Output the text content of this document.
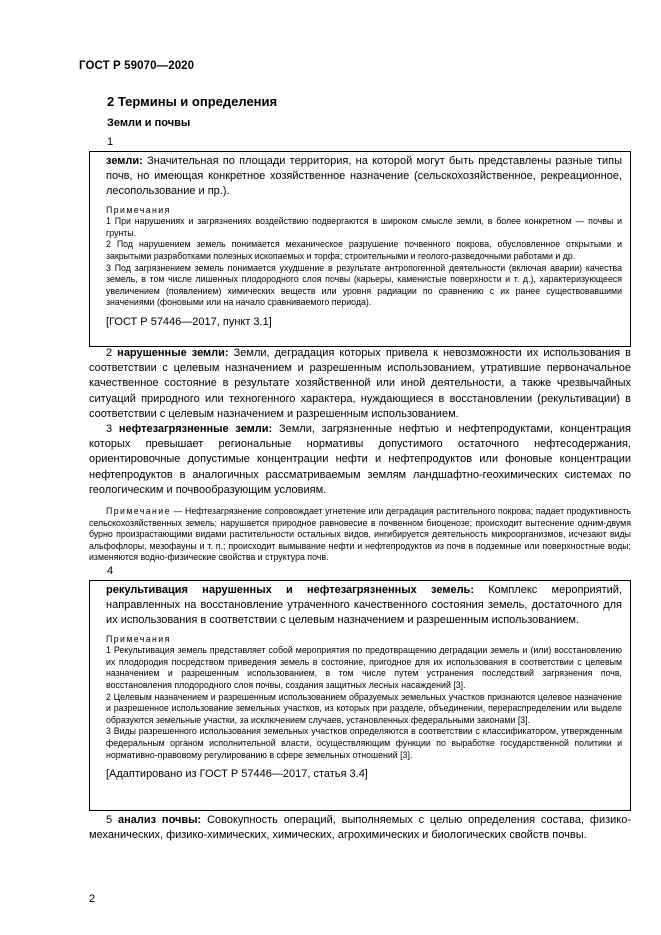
ГОСТ Р 59070—2020
2 Термины и определения
Земли и почвы
1

земли: Значительная по площади территория, на которой могут быть представлены разные типы почв, но имеющая конкретное хозяйственное назначение (сельскохозяйственное, рекреационное, лесопользование и пр.).

Примечания

1 При нарушениях и загрязнениях воздействию подвергаются в широком смысле земли, в более конкретном — почвы и грунты.

2 Под нарушением земель понимается механическое разрушение почвенного покрова, обусловленное открытыми и закрытыми разработками полезных ископаемых и торфа; строительными и геолого-разведочными работами и др.

3 Под загрязнением земель понимается ухудшение в результате антропогенной деятельности (включая аварии) качества земель, в том числе лишенных плодородного слоя почвы (карьеры, каменистые поверхности и т. д.), характеризующееся увеличением (появлением) химических веществ или уровня радиации по сравнению с их ранее существовавшими значениями (фоновыми или на начало сравниваемого периода).

[ГОСТ Р 57446—2017, пункт 3.1]

2 нарушенные земли: Земли, деградация которых привела к невозможности их использования в соответствии с целевым назначением и разрешенным использованием, утратившие первоначальное качественное состояние в результате хозяйственной или иной деятельности, а также чрезвычайных ситуаций природного или техногенного характера, нуждающиеся в восстановлении (рекультивации) в соответствии с целевым назначением и разрешенным использованием.

3 нефтезагрязненные земли: Земли, загрязненные нефтью и нефтепродуктами, концентрация которых превышает региональные нормативы допустимого остаточного нефтесодержания, ориентировочные допустимые концентрации нефти и нефтепродуктов или фоновые концентрации нефтепродуктов в аналогичных рассматриваемым землям ландшафтно-геохимических системах по геологическим и почвообразующим условиям.

Примечание — Нефтезагрязнение сопровождает угнетение или деградация растительного покрова; падает продуктивность сельскохозяйственных земель; нарушается природное равновесие в почвенном биоценозе; происходит вытеснение одним-двумя бурно произрастающими видами растительности остальных видов, ингибируется деятельность микроорганизмов, исчезают виды альфофлоры, мезофауны и т. п.; происходит вымывание нефти и нефтепродуктов из почв в подземные или поверхностные воды; изменяются водно-физические свойства и структура почв.

4

рекультивация нарушенных и нефтезагрязненных земель: Комплекс мероприятий, направленных на восстановление утраченного качественного состояния земель, достаточного для их использования в соответствии с целевым назначением и разрешенным использованием.

Примечания

1 Рекультивация земель представляет собой мероприятия по предотвращению деградации земель и (или) восстановлению их плодородия посредством приведения земель в состояние, пригодное для их использования в соответствии с целевым назначением и разрешенным использованием, в том числе путем устранения последствий загрязнения почв, восстановления плодородного слоя почвы, создания защитных лесных насаждений [3].

2 Целевым назначением и разрешенным использованием образуемых земельных участков признаются целевое назначение и разрешенное использование земельных участков, из которых при разделе, объединении, перераспределении или выделе образуются земельные участки, за исключением случаев, установленных федеральными законами [3].

3 Виды разрешенного использования земельных участков определяются в соответствии с классификатором, утвержденным федеральным органом исполнительной власти, осуществляющим функции по выработке государственной политики и нормативно-правовому регулированию в сфере земельных отношений [3].

[Адаптировано из ГОСТ Р 57446—2017, статья 3.4]

5 анализ почвы: Совокупность операций, выполняемых с целью определения состава, физико-механических, физико-химических, химических, агрохимических и биологических свойств почвы.

2
